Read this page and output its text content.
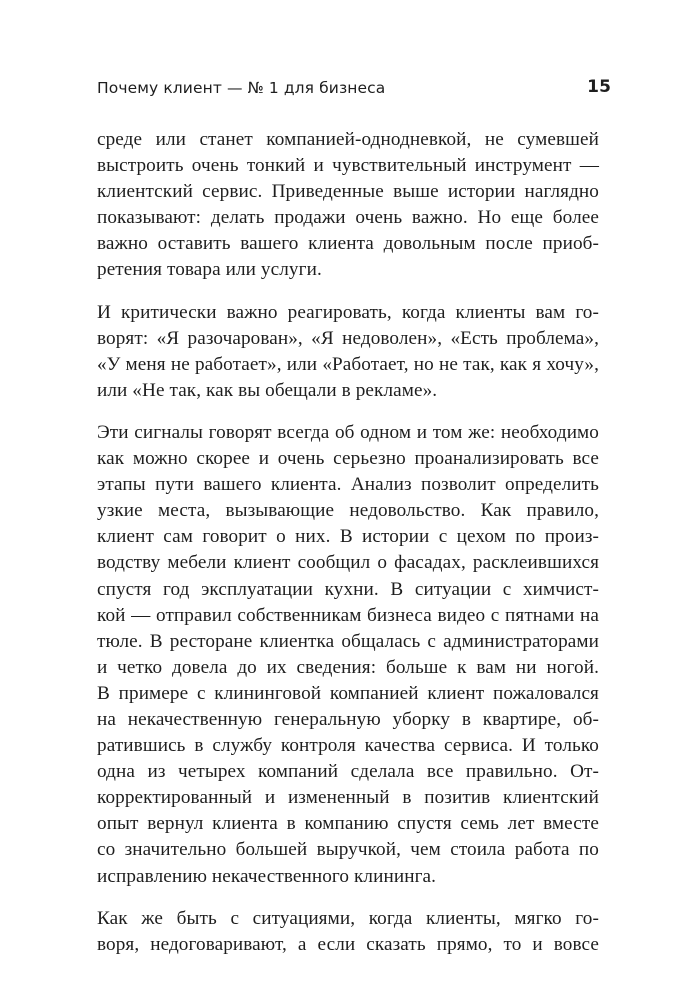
Почему клиент — № 1 для бизнеса	15

среде или станет компанией-однодневкой, не сумевшей
выстроить очень тонкий и чувствительный инструмент —
клиентский сервис. Приведенные выше истории наглядно
показывают: делать продажи очень важно. Но еще более
важно оставить вашего клиента довольным после приоб-
ретения товара или услуги.

И критически важно реагировать, когда клиенты вам го-
ворят: «Я разочарован», «Я недоволен», «Есть проблема»,
«У меня не работает», или «Работает, но не так, как я хочу»,
или «Не так, как вы обещали в рекламе».

Эти сигналы говорят всегда об одном и том же: необходимо
как можно скорее и очень серьезно проанализировать все
этапы пути вашего клиента. Анализ позволит определить
узкие места, вызывающие недовольство. Как правило,
клиент сам говорит о них. В истории с цехом по произ-
водству мебели клиент сообщил о фасадах, расклеившихся
спустя год эксплуатации кухни. В ситуации с химчист-
кой — отправил собственникам бизнеса видео с пятнами на
тюле. В ресторане клиентка общалась с администраторами
и четко довела до их сведения: больше к вам ни ногой.
В примере с клининговой компанией клиент пожаловался
на некачественную генеральную уборку в квартире, об-
ратившись в службу контроля качества сервиса. И только
одна из четырех компаний сделала все правильно. От-
корректированный и измененный в позитив клиентский
опыт вернул клиента в компанию спустя семь лет вместе
со значительно большей выручкой, чем стоила работа по
исправлению некачественного клининга.

Как же быть с ситуациями, когда клиенты, мягко го-
воря, недоговаривают, а если сказать прямо, то и вовсе
